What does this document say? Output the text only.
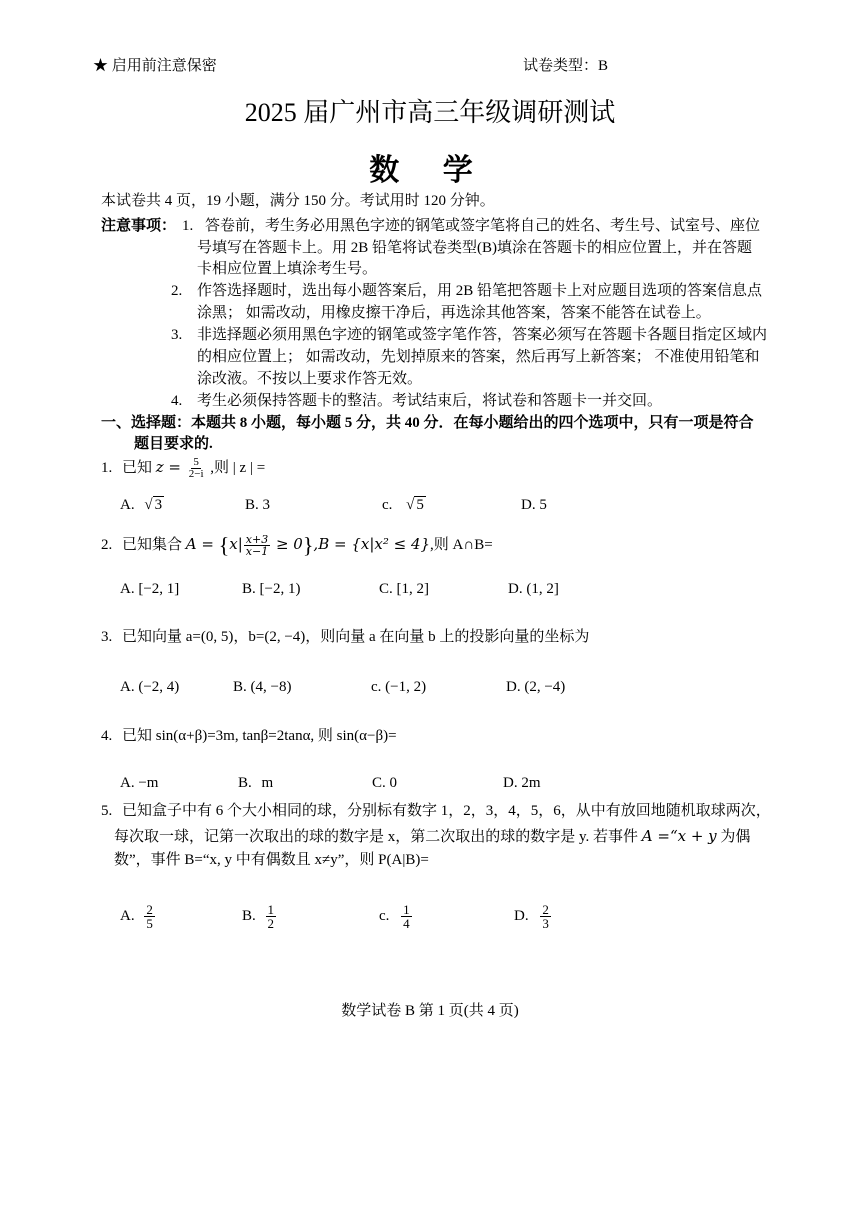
★ 启用前注意保密	试卷类型：B
2025 届广州市高三年级调研测试
数 学
本试卷共 4 页，19 小题，满分 150 分。考试用时 120 分钟。
注意事项： 1. 答卷前，考生务必用黑色字迹的钢笔或签字笔将自己的姓名、考生号、试室号、座位
号填写在答题卡上。用 2B 铅笔将试卷类型(B)填涂在答题卡的相应位置上，并在答题
卡相应位置上填涂考生号。
2. 作答选择题时，选出每小题答案后，用 2B 铅笔把答题卡上对应题目选项的答案信息点
涂黑； 如需改动，用橡皮擦干净后，再选涂其他答案，答案不能答在试卷上。
3. 非选择题必须用黑色字迹的钢笔或签字笔作答，答案必须写在答题卡各题目指定区域内
的相应位置上； 如需改动，先划掉原来的答案，然后再写上新答案； 不准使用铅笔和
涂改液。不按以上要求作答无效。
4. 考生必须保持答题卡的整洁。考试结束后，将试卷和答题卡一并交回。
一、选择题：本题共 8 小题，每小题 5 分，共 40 分．在每小题给出的四个选项中，只有一项是符合
题目要求的.
1. 已知 $z = \frac{5}{2-i}$ ,则 | z | =
A. √ 3	B. 3	c. √ 5	D. 5
2. 已知集合 $A = \{x| \frac{x+3}{x-1} \ge 0\},B = \{x|x^2 \le 4\}$,则 A∩B=
A. [−2, 1]	B. [−2, 1)	C. [1, 2]	D. (1, 2]
3. 已知向量 a=(0, 5)，b=(2, −4)，则向量 a 在向量 b 上的投影向量的坐标为
A. (−2, 4)	B. (4, −8)	c. (−1, 2)	D. (2, −4)
4. 已知 sin(α+β)=3m, tanβ=2tanα, 则 sin(α−β)=
A. −m	B. m	C. 0	D. 2m
5. 已知盒子中有 6 个大小相同的球，分别标有数字 1，2，3，4，5，6，从中有放回地随机取球两次，
每次取一球，记第一次取出的球的数字是 x，第二次取出的球的数字是 y. 若事件 A =“x + y 为偶
数”，事件 B=“x, y 中有偶数且 x≠y”，则 P(A|B)=
A. $\frac{2}{5}$	B. $\frac{1}{2}$	c. $\frac{1}{4}$	D. $\frac{2}{3}$
数学试卷 B 第 1 页(共 4 页)
